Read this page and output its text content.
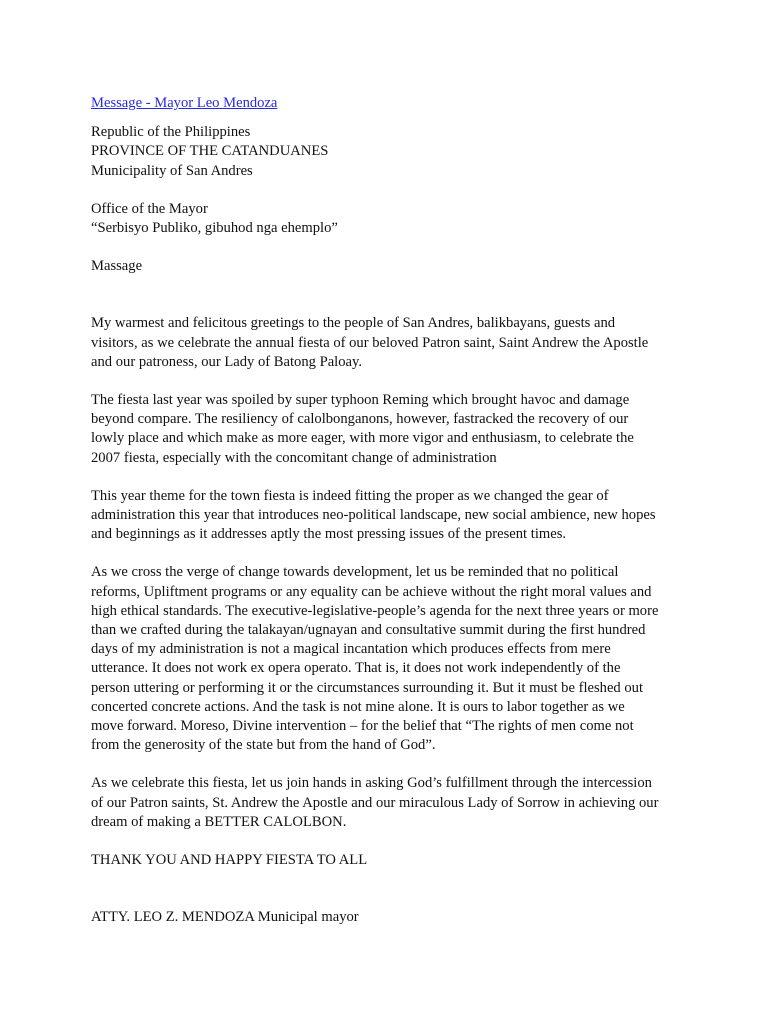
Message - Mayor Leo Mendoza
Republic of the Philippines
PROVINCE OF THE CATANDUANES
Municipality of San Andres
Office of the Mayor
“Serbisyo Publiko, gibuhod nga ehemplo”
Massage

My warmest and felicitous greetings to the people of San Andres, balikbayans, guests and
visitors, as we celebrate the annual fiesta of our beloved Patron saint, Saint Andrew the Apostle
and our patroness, our Lady of Batong Paloay.

The fiesta last year was spoiled by super typhoon Reming which brought havoc and damage
beyond compare. The resiliency of calolbonganons, however, fastracked the recovery of our
lowly place and which make as more eager, with more vigor and enthusiasm, to celebrate the
2007 fiesta, especially with the concomitant change of administration

This year theme for the town fiesta is indeed fitting the proper as we changed the gear of
administration this year that introduces neo-political landscape, new social ambience, new hopes
and beginnings as it addresses aptly the most pressing issues of the present times.

As we cross the verge of change towards development, let us be reminded that no political
reforms, Upliftment programs or any equality can be achieve without the right moral values and
high ethical standards. The executive-legislative-people’s agenda for the next three years or more
than we crafted during the talakayan/ugnayan and consultative summit during the first hundred
days of my administration is not a magical incantation which produces effects from mere
utterance. It does not work ex opera operato. That is, it does not work independently of the
person uttering or performing it or the circumstances surrounding it. But it must be fleshed out
concerted concrete actions. And the task is not mine alone. It is ours to labor together as we
move forward. Moreso, Divine intervention – for the belief that “The rights of men come not
from the generosity of the state but from the hand of God”.

As we celebrate this fiesta, let us join hands in asking God’s fulfillment through the intercession
of our Patron saints, St. Andrew the Apostle and our miraculous Lady of Sorrow in achieving our
dream of making a BETTER CALOLBON.

THANK YOU AND HAPPY FIESTA TO ALL
ATTY. LEO Z. MENDOZA Municipal mayor
